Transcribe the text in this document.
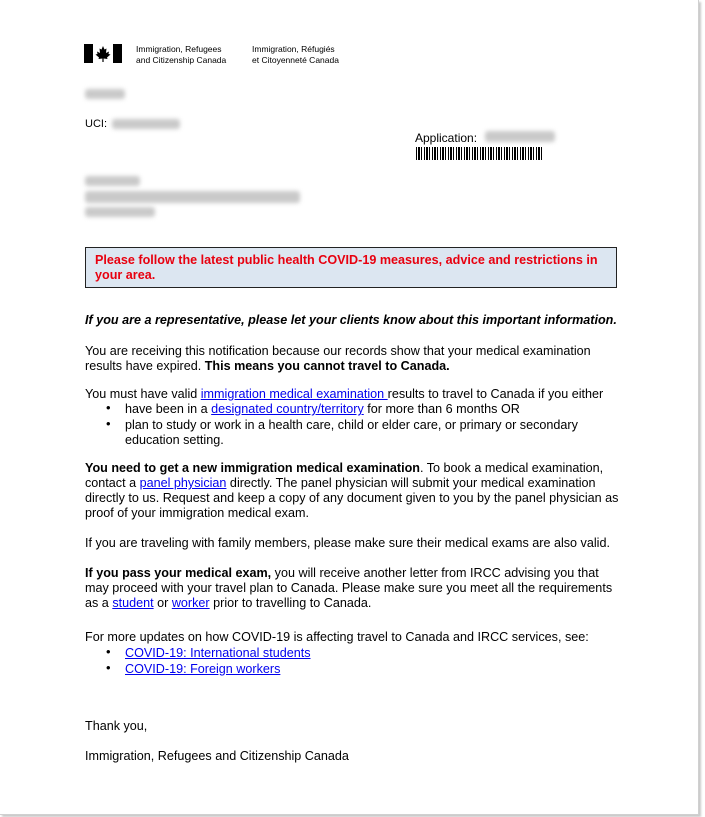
Immigration, Refugees
and Citizenship Canada
Immigration, Réfugiés
et Citoyenneté Canada
UCI:
Application:
Please follow the latest public health COVID-19 measures, advice and restrictions in your area.
If you are a representative, please let your clients know about this important information.
You are receiving this notification because our records show that your medical examination
results have expired. This means you cannot travel to Canada.
You must have valid immigration medical examination results to travel to Canada if you either
• have been in a designated country/territory for more than 6 months OR
• plan to study or work in a health care, child or elder care, or primary or secondary
education setting.
You need to get a new immigration medical examination. To book a medical examination,
contact a panel physician directly. The panel physician will submit your medical examination
directly to us. Request and keep a copy of any document given to you by the panel physician as
proof of your immigration medical exam.
If you are traveling with family members, please make sure their medical exams are also valid.
If you pass your medical exam, you will receive another letter from IRCC advising you that
may proceed with your travel plan to Canada. Please make sure you meet all the requirements
as a student or worker prior to travelling to Canada.
For more updates on how COVID-19 is affecting travel to Canada and IRCC services, see:
• COVID-19: International students
• COVID-19: Foreign workers
Thank you,
Immigration, Refugees and Citizenship Canada
